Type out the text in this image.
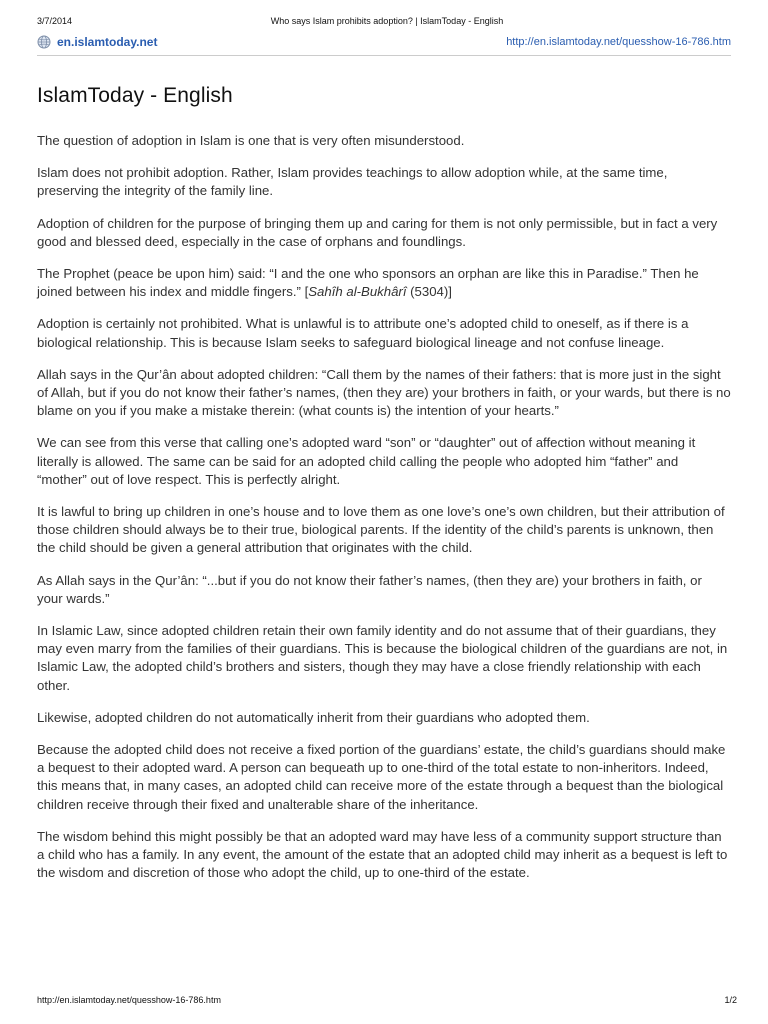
3/7/2014	Who says Islam prohibits adoption? | IslamToday - English
en.islamtoday.net	http://en.islamtoday.net/quesshow-16-786.htm
IslamToday - English

The question of adoption in Islam is one that is very often misunderstood.

Islam does not prohibit adoption. Rather, Islam provides teachings to allow adoption while, at the same time, preserving the integrity of the family line.

Adoption of children for the purpose of bringing them up and caring for them is not only permissible, but in fact a very good and blessed deed, especially in the case of orphans and foundlings.

The Prophet (peace be upon him) said: “I and the one who sponsors an orphan are like this in Paradise.” Then he joined between his index and middle fingers.” [Sahîh al-Bukhârî (5304)]

Adoption is certainly not prohibited. What is unlawful is to attribute one’s adopted child to oneself, as if there is a biological relationship. This is because Islam seeks to safeguard biological lineage and not confuse lineage.

Allah says in the Qur’ân about adopted children: “Call them by the names of their fathers: that is more just in the sight of Allah, but if you do not know their father’s names, (then they are) your brothers in faith, or your wards, but there is no blame on you if you make a mistake therein: (what counts is) the intention of your hearts.”

We can see from this verse that calling one’s adopted ward “son” or “daughter” out of affection without meaning it literally is allowed. The same can be said for an adopted child calling the people who adopted him “father” and “mother” out of love respect. This is perfectly alright.

It is lawful to bring up children in one’s house and to love them as one love’s one’s own children, but their attribution of those children should always be to their true, biological parents. If the identity of the child’s parents is unknown, then the child should be given a general attribution that originates with the child.

As Allah says in the Qur’ân: “...but if you do not know their father’s names, (then they are) your brothers in faith, or your wards.”

In Islamic Law, since adopted children retain their own family identity and do not assume that of their guardians, they may even marry from the families of their guardians. This is because the biological children of the guardians are not, in Islamic Law, the adopted child’s brothers and sisters, though they may have a close friendly relationship with each other.

Likewise, adopted children do not automatically inherit from their guardians who adopted them.

Because the adopted child does not receive a fixed portion of the guardians’ estate, the child’s guardians should make a bequest to their adopted ward. A person can bequeath up to one-third of the total estate to non-inheritors. Indeed, this means that, in many cases, an adopted child can receive more of the estate through a bequest than the biological children receive through their fixed and unalterable share of the inheritance.

The wisdom behind this might possibly be that an adopted ward may have less of a community support structure than a child who has a family. In any event, the amount of the estate that an adopted child may inherit as a bequest is left to the wisdom and discretion of those who adopt the child, up to one-third of the estate.

http://en.islamtoday.net/quesshow-16-786.htm	1/2
